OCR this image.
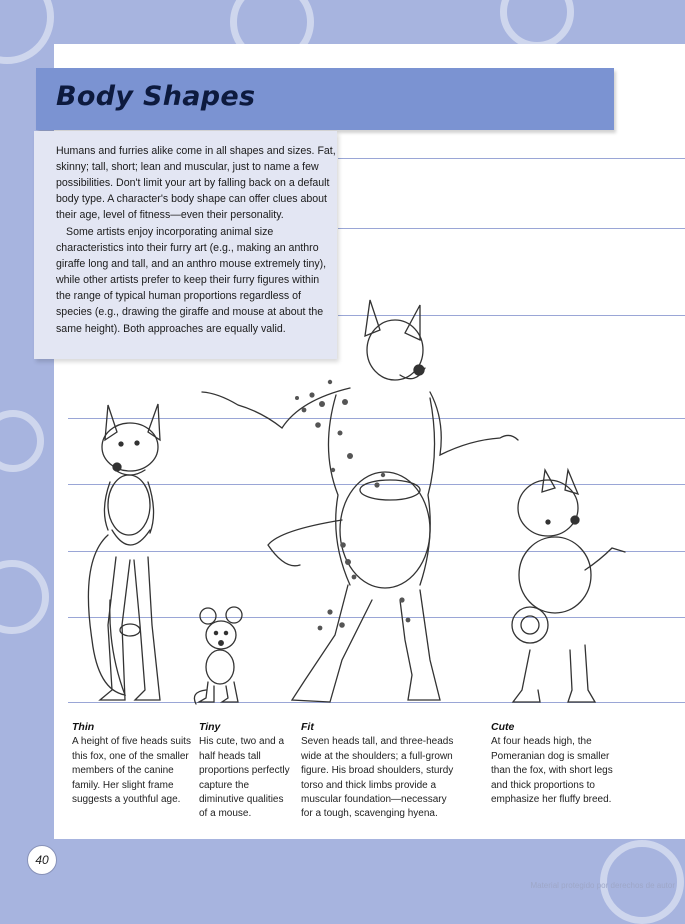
Body Shapes

Humans and furries alike come in all shapes and sizes. Fat, skinny; tall, short; lean and muscular, just to name a few possibilities. Don't limit your art by falling back on a default body type. A character's body shape can offer clues about their age, level of fitness—even their personality.

Some artists enjoy incorporating animal size characteristics into their furry art (e.g., making an anthro giraffe long and tall, and an anthro mouse extremely tiny), while other artists prefer to keep their furry figures within the range of typical human proportions regardless of species (e.g., drawing the giraffe and mouse at about the same height). Both approaches are equally valid.

Thin
A height of five heads suits this fox, one of the smaller members of the canine family. Her slight frame suggests a youthful age.
Tiny
His cute, two and a half heads tall proportions perfectly capture the diminutive qualities of a mouse.
Fit
Seven heads tall, and three-heads wide at the shoulders; a full-grown figure. His broad shoulders, sturdy torso and thick limbs provide a muscular foundation—necessary for a tough, scavenging hyena.
Cute
At four heads high, the Pomeranian dog is smaller than the fox, with short legs and thick proportions to emphasize her fluffy breed.
40
Material protegido por derechos de autor
